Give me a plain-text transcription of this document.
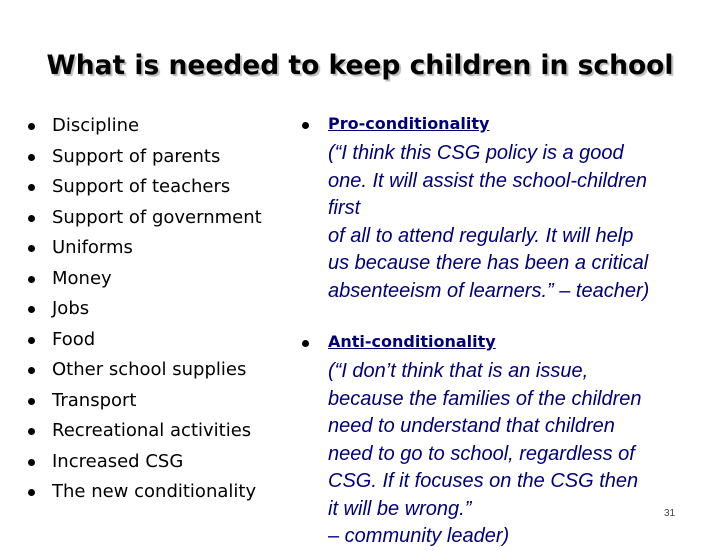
What is needed to keep children in school
Discipline
Support of parents
Support of teachers
Support of government
Uniforms
Money
Jobs
Food
Other school supplies
Transport
Recreational activities
Increased CSG
The new conditionality
Pro-conditionality
(“I think this CSG policy is a good
one. It will assist the school-children
first
of all to attend regularly. It will help
us because there has been a critical
absenteeism of learners.” – teacher)
Anti-conditionality
(“I don’t think that is an issue,
because the families of the children
need to understand that children
need to go to school, regardless of
CSG. If it focuses on the CSG then
it will be wrong.”
– community leader)
31
